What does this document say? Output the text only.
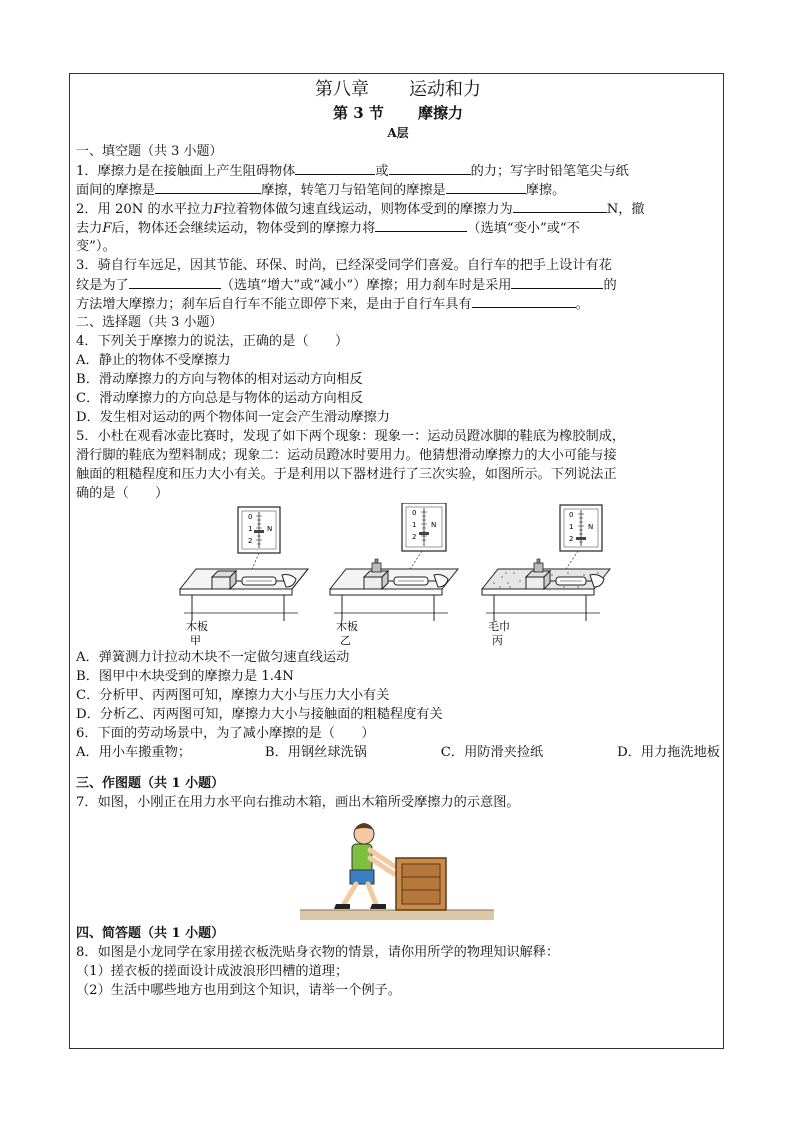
第八章 运动和力
第 3 节 摩擦力
A层
一、填空题（共 3 小题）
1．摩擦力是在接触面上产生阻碍物体	或	的力；写字时铅笔笔尖与纸
面间的摩擦是	摩擦，转笔刀与铅笔间的摩擦是	摩擦。
2．用 20N 的水平拉力F拉着物体做匀速直线运动，则物体受到的摩擦力为	N，撤
去力F后，物体还会继续运动，物体受到的摩擦力将	（选填“变小”或“不
变”）。
3．骑自行车远足，因其节能、环保、时尚，已经深受同学们喜爱。自行车的把手上设计有花
纹是为了	（选填“增大”或“减小”）摩擦；用力刹车时是采用	的
方法增大摩擦力；刹车后自行车不能立即停下来，是由于自行车具有	。
二、选择题（共 3 小题）
4．下列关于摩擦力的说法，正确的是（　　）
A．静止的物体不受摩擦力
B．滑动摩擦力的方向与物体的相对运动方向相反
C．滑动摩擦力的方向总是与物体的运动方向相反
D．发生相对运动的两个物体间一定会产生滑动摩擦力
5．小杜在观看冰壶比赛时，发现了如下两个现象：现象一：运动员蹬冰脚的鞋底为橡胶制成，
滑行脚的鞋底为塑料制成；现象二：运动员蹬冰时要用力。他猜想滑动摩擦力的大小可能与接
触面的粗糙程度和压力大小有关。于是利用以下器材进行了三次实验，如图所示。下列说法正
确的是（　　）
0
1
2
N
木板
甲
0
1
2
N
木板
乙
0
1
2
N
毛巾
丙
A．弹簧测力计拉动木块不一定做匀速直线运动
B．图甲中木块受到的摩擦力是 1.4N
C．分析甲、丙两图可知，摩擦力大小与压力大小有关
D．分析乙、丙两图可知，摩擦力大小与接触面的粗糙程度有关
6．下面的劳动场景中，为了减小摩擦的是（　　）
A．用小车搬重物；	B．用钢丝球洗锅	C．用防滑夹捡纸	D．用力拖洗地板
三、作图题（共 1 小题）
7．如图，小刚正在用力水平向右推动木箱，画出木箱所受摩擦力的示意图。
四、简答题（共 1 小题）
8．如图是小龙同学在家用搓衣板洗贴身衣物的情景，请你用所学的物理知识解释：
（1）搓衣板的搓面设计成波浪形凹槽的道理；
（2）生活中哪些地方也用到这个知识，请举一个例子。
